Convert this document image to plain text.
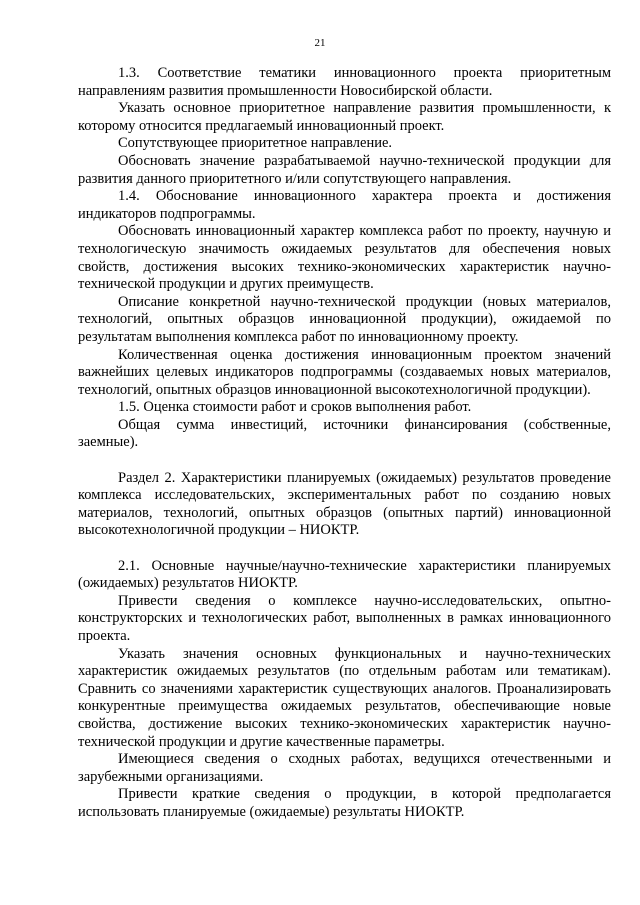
21

1.3. Соответствие тематики инновационного проекта приоритетным направлениям развития промышленности Новосибирской области.

Указать основное приоритетное направление развития промышленности, к которому относится предлагаемый инновационный проект.

Сопутствующее приоритетное направление.

Обосновать значение разрабатываемой научно-технической продукции для развития данного приоритетного и/или сопутствующего направления.

1.4. Обоснование инновационного характера проекта и достижения индикаторов подпрограммы.

Обосновать инновационный характер комплекса работ по проекту, научную и технологическую значимость ожидаемых результатов для обеспечения новых свойств, достижения высоких технико-экономических характеристик научно-технической продукции и других преимуществ.

Описание конкретной научно-технической продукции (новых материалов, технологий, опытных образцов инновационной продукции), ожидаемой по результатам выполнения комплекса работ по инновационному проекту.

Количественная оценка достижения инновационным проектом значений важнейших целевых индикаторов подпрограммы (создаваемых новых материалов, технологий, опытных образцов инновационной высокотехнологичной продукции).

1.5. Оценка стоимости работ и сроков выполнения работ.

Общая сумма инвестиций, источники финансирования (собственные, заемные).

Раздел 2. Характеристики планируемых (ожидаемых) результатов проведение комплекса исследовательских, экспериментальных работ по созданию новых материалов, технологий, опытных образцов (опытных партий) инновационной высокотехнологичной продукции – НИОКТР.

2.1. Основные научные/научно-технические характеристики планируемых (ожидаемых) результатов НИОКТР.

Привести сведения о комплексе научно-исследовательских, опытно-конструкторских и технологических работ, выполненных в рамках инновационного проекта.

Указать значения основных функциональных и научно-технических характеристик ожидаемых результатов (по отдельным работам или тематикам). Сравнить со значениями характеристик существующих аналогов. Проанализировать конкурентные преимущества ожидаемых результатов, обеспечивающие новые свойства, достижение высоких технико-экономических характеристик научно-технической продукции и другие качественные параметры.

Имеющиеся сведения о сходных работах, ведущихся отечественными и зарубежными организациями.

Привести краткие сведения о продукции, в которой предполагается использовать планируемые (ожидаемые) результаты НИОКТР.
